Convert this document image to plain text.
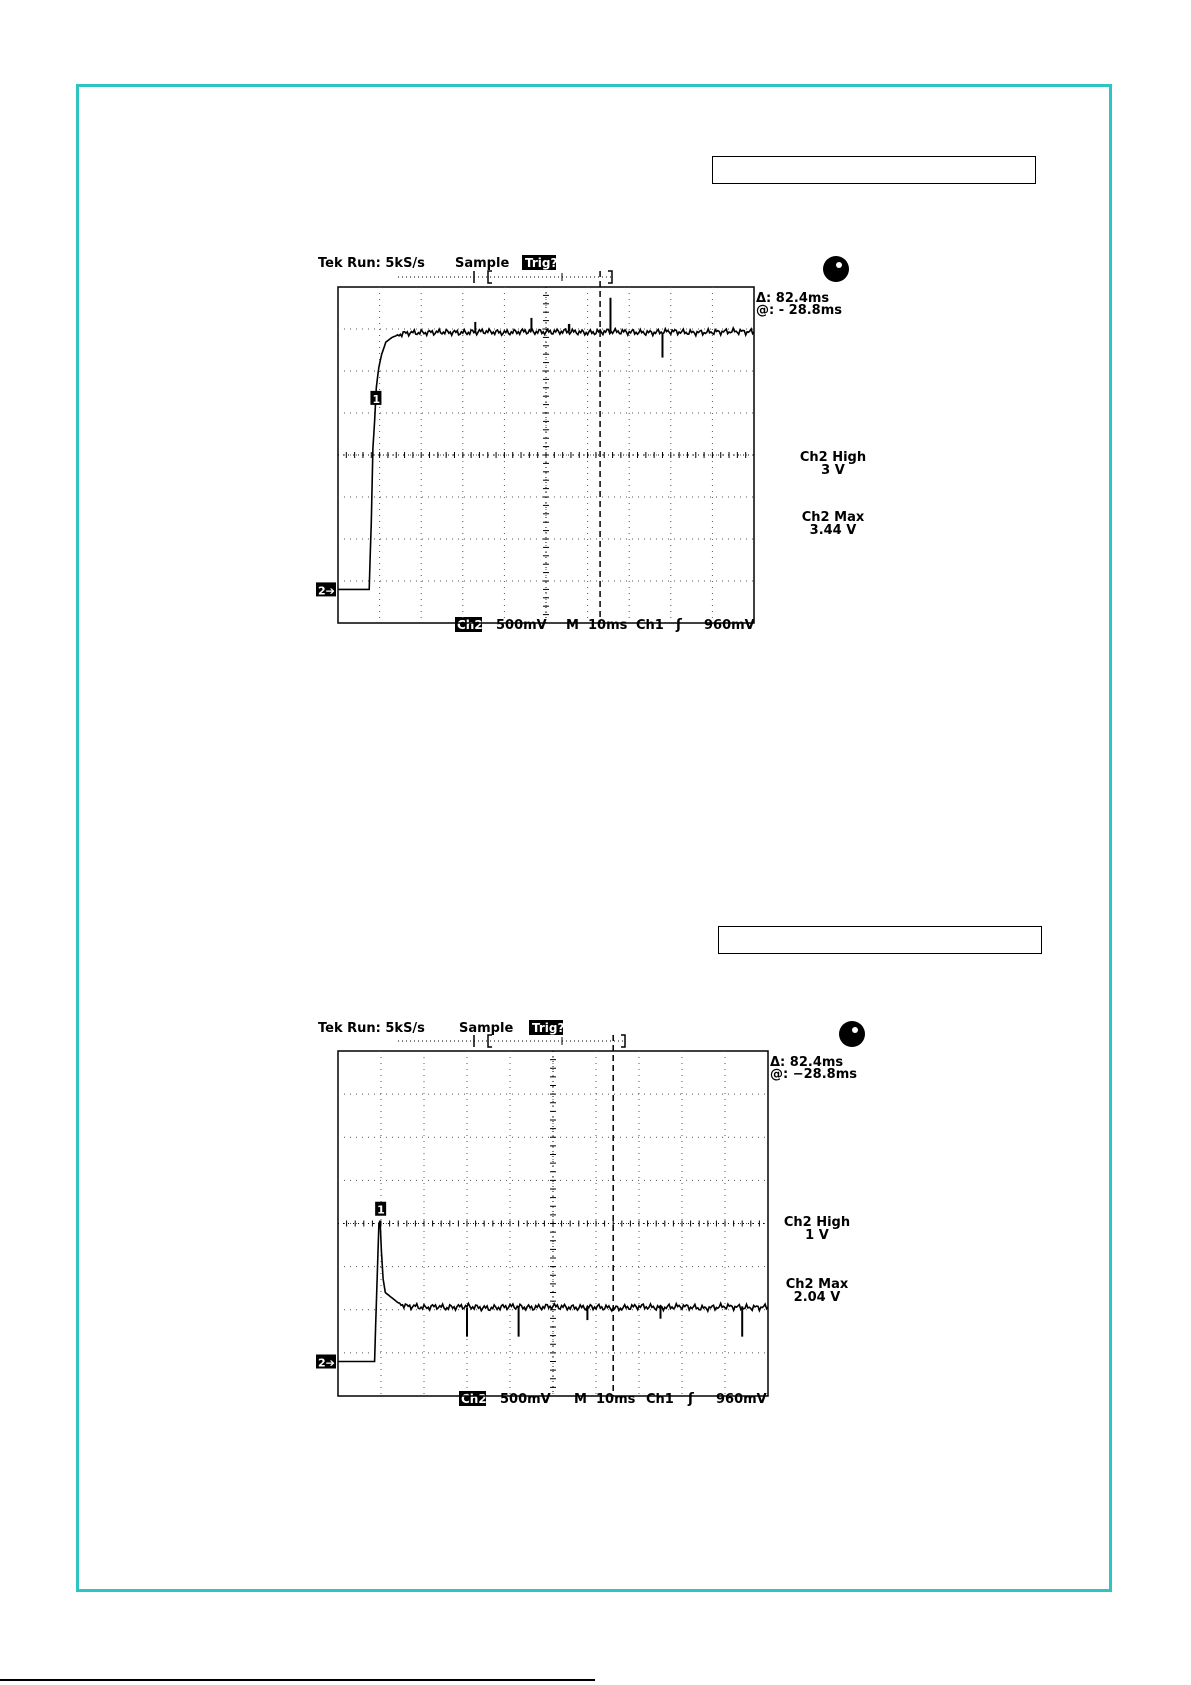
Tek Run: 5kS/s Sample Trig?
Δ: 82.4ms
@: - 28.8ms
Ch2 High
3 V
Ch2 Max
3.44 V
Ch2 500mV M  10ms Ch1 ʃ 960mV
Tek Run: 5kS/s	Sample Trig?
Δ: 82.4ms
@: −28.8ms
Ch2 High
1 V
Ch2 Max
2.04 V
Ch2 500mV M  10ms Ch1 ʃ 960mV
2➔
1
2➔
1
